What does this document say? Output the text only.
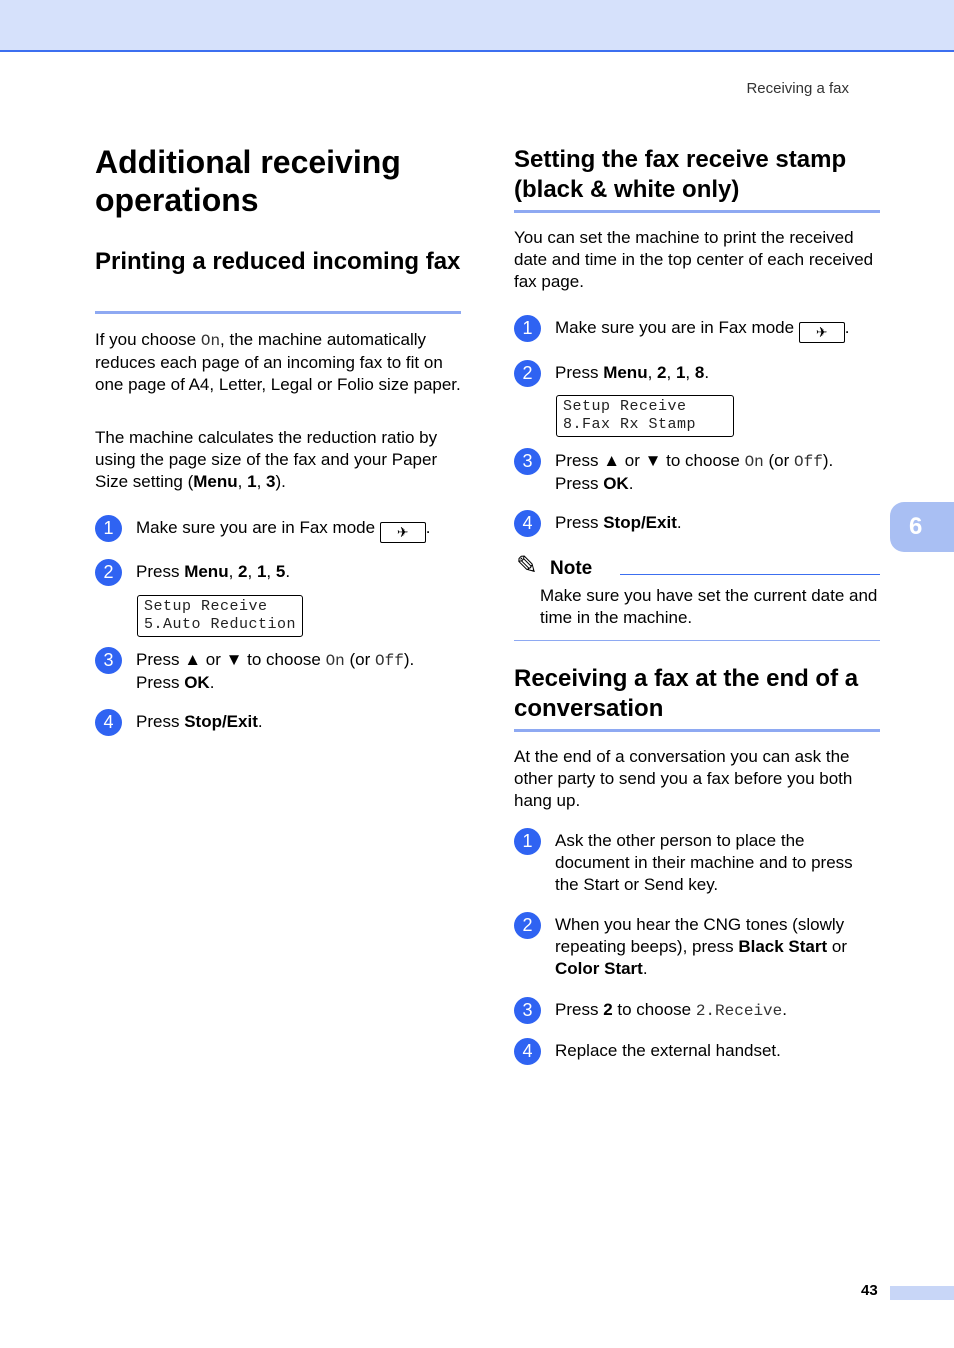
Receiving a fax
6
Additional receiving operations
Printing a reduced incoming fax
If you choose On, the machine automatically reduces each page of an incoming fax to fit on one page of A4, Letter, Legal or Folio size paper.
The machine calculates the reduction ratio by using the page size of the fax and your Paper Size setting (Menu, 1, 3).
1	Make sure you are in Fax mode ✈ .
2	Press Menu, 2, 1, 5.
Setup Receive
5.Auto Reduction
3	Press ▲ or ▼ to choose On (or Off).
Press OK.
4	Press Stop/Exit.
Setting the fax receive stamp (black & white only)
You can set the machine to print the received date and time in the top center of each received fax page.
1	Make sure you are in Fax mode ✈ .
2	Press Menu, 2, 1, 8.
Setup Receive
8.Fax Rx Stamp
3	Press ▲ or ▼ to choose On (or Off).
Press OK.
4	Press Stop/Exit.
✎ Note
Make sure you have set the current date and time in the machine.
Receiving a fax at the end of a conversation
At the end of a conversation you can ask the other party to send you a fax before you both hang up.
1	Ask the other person to place the document in their machine and to press the Start or Send key.
2	When you hear the CNG tones (slowly repeating beeps), press Black Start or Color Start.
3	Press 2 to choose 2.Receive.
4	Replace the external handset.
43
